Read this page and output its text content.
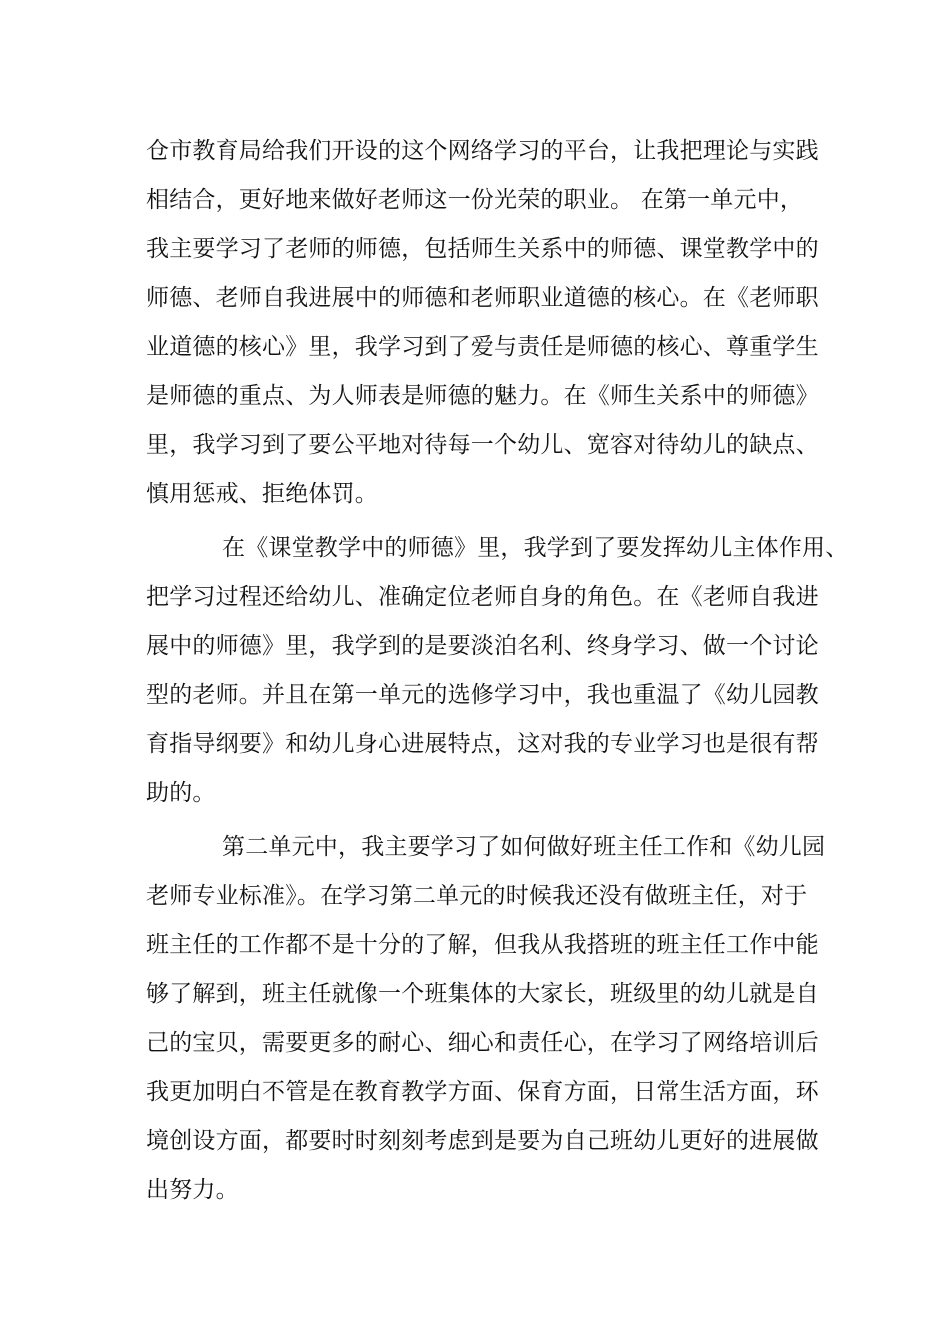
仓市教育局给我们开设的这个网络学习的平台，让我把理论与实践
相结合，更好地来做好老师这一份光荣的职业。 在第一单元中，
我主要学习了老师的师德，包括师生关系中的师德、课堂教学中的
师德、老师自我进展中的师德和老师职业道德的核心。在《老师职
业道德的核心》里，我学习到了爱与责任是师德的核心、尊重学生
是师德的重点、为人师表是师德的魅力。在《师生关系中的师德》
里，我学习到了要公平地对待每一个幼儿、宽容对待幼儿的缺点、
慎用惩戒、拒绝体罚。
在《课堂教学中的师德》里，我学到了要发挥幼儿主体作用、
把学习过程还给幼儿、准确定位老师自身的角色。在《老师自我进
展中的师德》里，我学到的是要淡泊名利、终身学习、做一个讨论
型的老师。并且在第一单元的选修学习中，我也重温了《幼儿园教
育指导纲要》和幼儿身心进展特点，这对我的专业学习也是很有帮
助的。
第二单元中，我主要学习了如何做好班主任工作和《幼儿园
老师专业标准》。在学习第二单元的时候我还没有做班主任，对于
班主任的工作都不是十分的了解，但我从我搭班的班主任工作中能
够了解到，班主任就像一个班集体的大家长，班级里的幼儿就是自
己的宝贝，需要更多的耐心、细心和责任心，在学习了网络培训后
我更加明白不管是在教育教学方面、保育方面，日常生活方面，环
境创设方面，都要时时刻刻考虑到是要为自己班幼儿更好的进展做
出努力。
